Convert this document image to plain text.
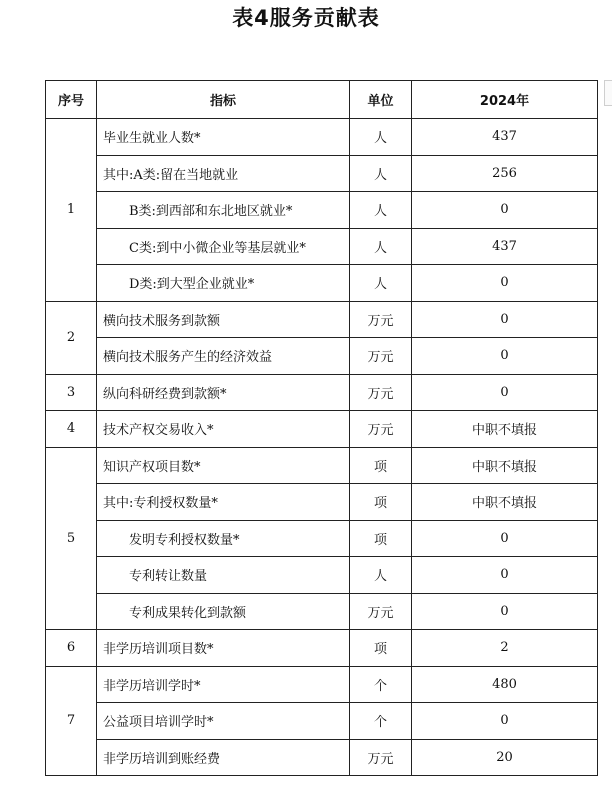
表4服务贡献表
序号	指标	单位	2024年
1	毕业生就业人数*	人	437
	其中:A类:留在当地就业	人	256
	B类:到西部和东北地区就业*	人	0
	C类:到中小微企业等基层就业*	人	437
	D类:到大型企业就业*	人	0
2	横向技术服务到款额	万元	0
	横向技术服务产生的经济效益	万元	0
3	纵向科研经费到款额*	万元	0
4	技术产权交易收入*	万元	中职不填报
5	知识产权项目数*	项	中职不填报
	其中:专利授权数量*	项	中职不填报
	发明专利授权数量*	项	0
	专利转让数量	人	0
	专利成果转化到款额	万元	0
6	非学历培训项目数*	项	2
7	非学历培训学时*	个	480
	公益项目培训学时*	个	0
	非学历培训到账经费	万元	20
